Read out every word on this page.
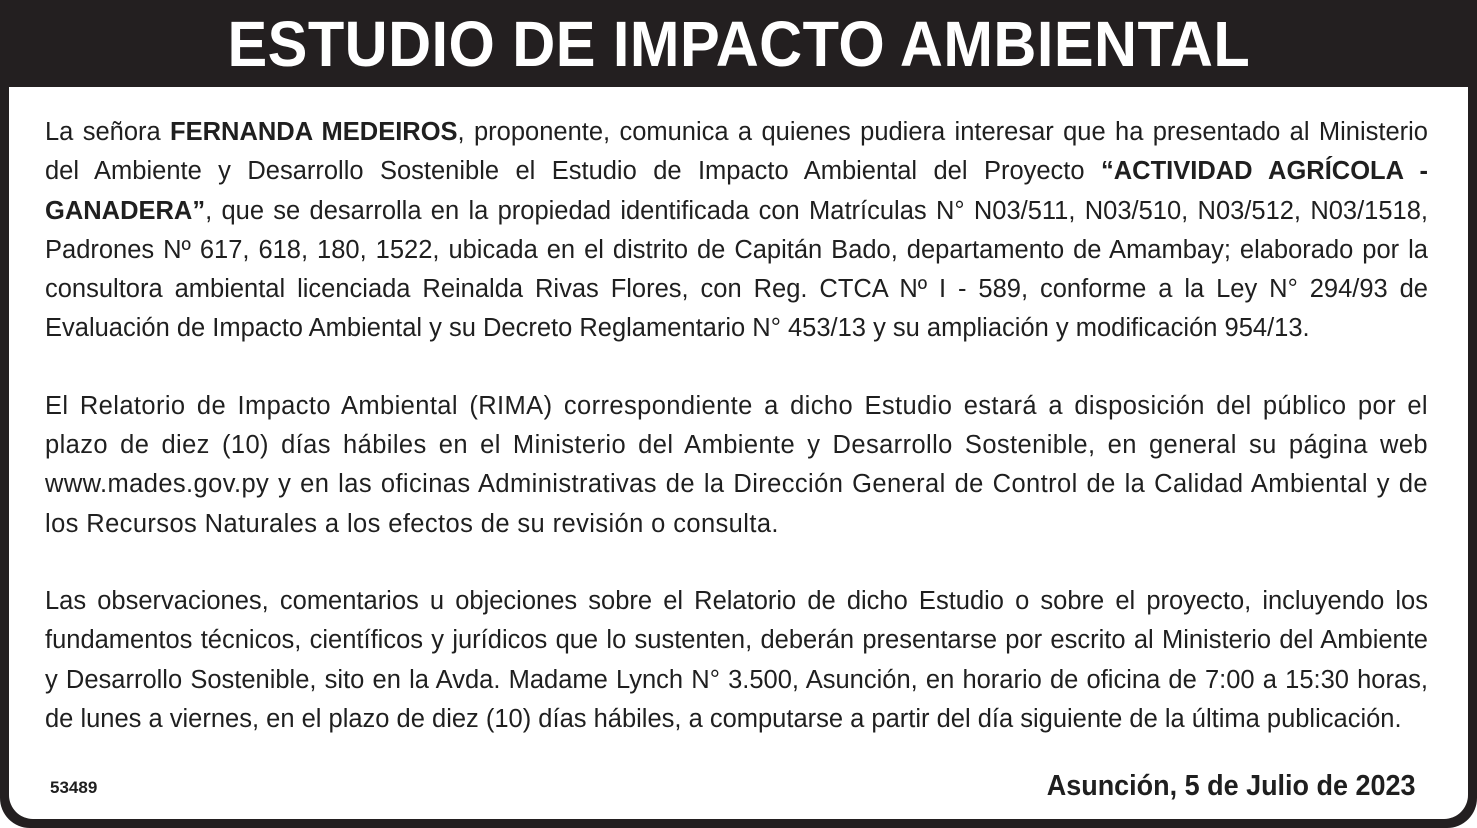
ESTUDIO DE IMPACTO AMBIENTAL

La señora FERNANDA MEDEIROS, proponente, comunica a quienes pudiera interesar que ha presentado al Ministerio del Ambiente y Desarrollo Sostenible el Estudio de Impacto Ambiental del Proyecto “ACTIVIDAD AGRÍCOLA - GANADERA”, que se desarrolla en la propiedad identificada con Matrículas N° N03/511, N03/510, N03/512, N03/1518, Padrones Nº 617, 618, 180, 1522, ubicada en el distrito de Capitán Bado, departamento de Amambay; elaborado por la consultora ambiental licenciada Reinalda Rivas Flores, con Reg. CTCA Nº I - 589, conforme a la Ley N° 294/93 de Evaluación de Impacto Ambiental y su Decreto Reglamentario N° 453/13 y su ampliación y modificación 954/13.

El Relatorio de Impacto Ambiental (RIMA) correspondiente a dicho Estudio estará a disposición del público por el plazo de diez (10) días hábiles en el Ministerio del Ambiente y Desarrollo Sostenible, en general su página web www.mades.gov.py y en las oficinas Administrativas de la Dirección General de Control de la Calidad Ambiental y de los Recursos Naturales a los efectos de su revisión o consulta.

Las observaciones, comentarios u objeciones sobre el Relatorio de dicho Estudio o sobre el proyecto, incluyendo los fundamentos técnicos, científicos y jurídicos que lo sustenten, deberán presentarse por escrito al Ministerio del Ambiente y Desarrollo Sostenible, sito en la Avda. Madame Lynch N° 3.500, Asunción, en horario de oficina de 7:00 a 15:30 horas, de lunes a viernes, en el plazo de diez (10) días hábiles, a computarse a partir del día siguiente de la última publicación.

53489	Asunción, 5 de Julio de 2023
